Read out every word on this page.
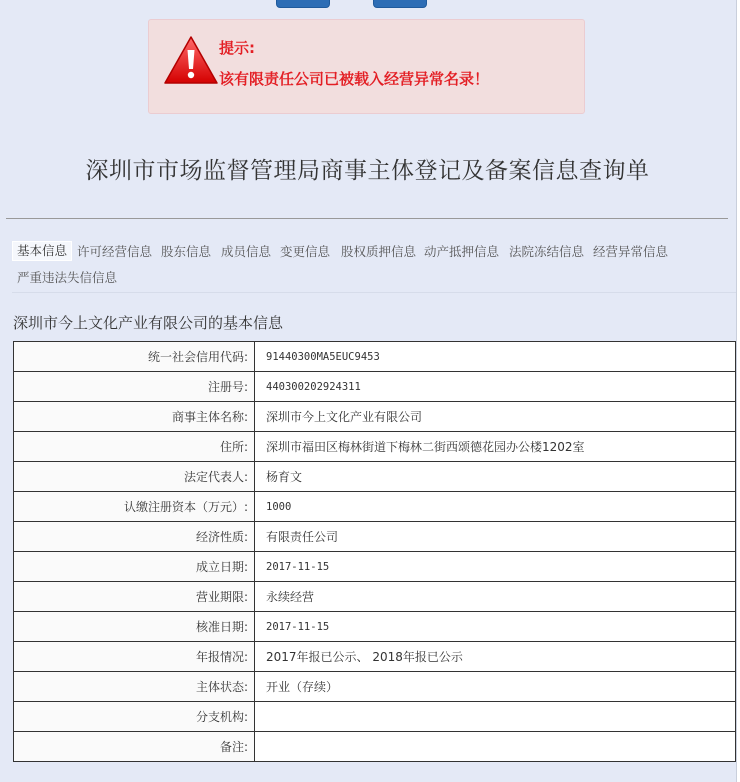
提示:
该有限责任公司已被载入经营异常名录！
深圳市市场监督管理局商事主体登记及备案信息查询单
基本信息 许可经营信息 股东信息 成员信息 变更信息 股权质押信息 动产抵押信息 法院冻结信息 经营异常信息
严重违法失信信息
深圳市今上文化产业有限公司的基本信息
统一社会信用代码:	91440300MA5EUC9453
注册号:	440300202924311
商事主体名称:	深圳市今上文化产业有限公司
住所:	深圳市福田区梅林街道下梅林二街西颂德花园办公楼1202室
法定代表人:	杨育文
认缴注册资本（万元）:	1000
经济性质:	有限责任公司
成立日期:	2017-11-15
营业期限:	永续经营
核准日期:	2017-11-15
年报情况:	2017年报已公示、 2018年报已公示
主体状态:	开业（存续）
分支机构:	
备注:	
